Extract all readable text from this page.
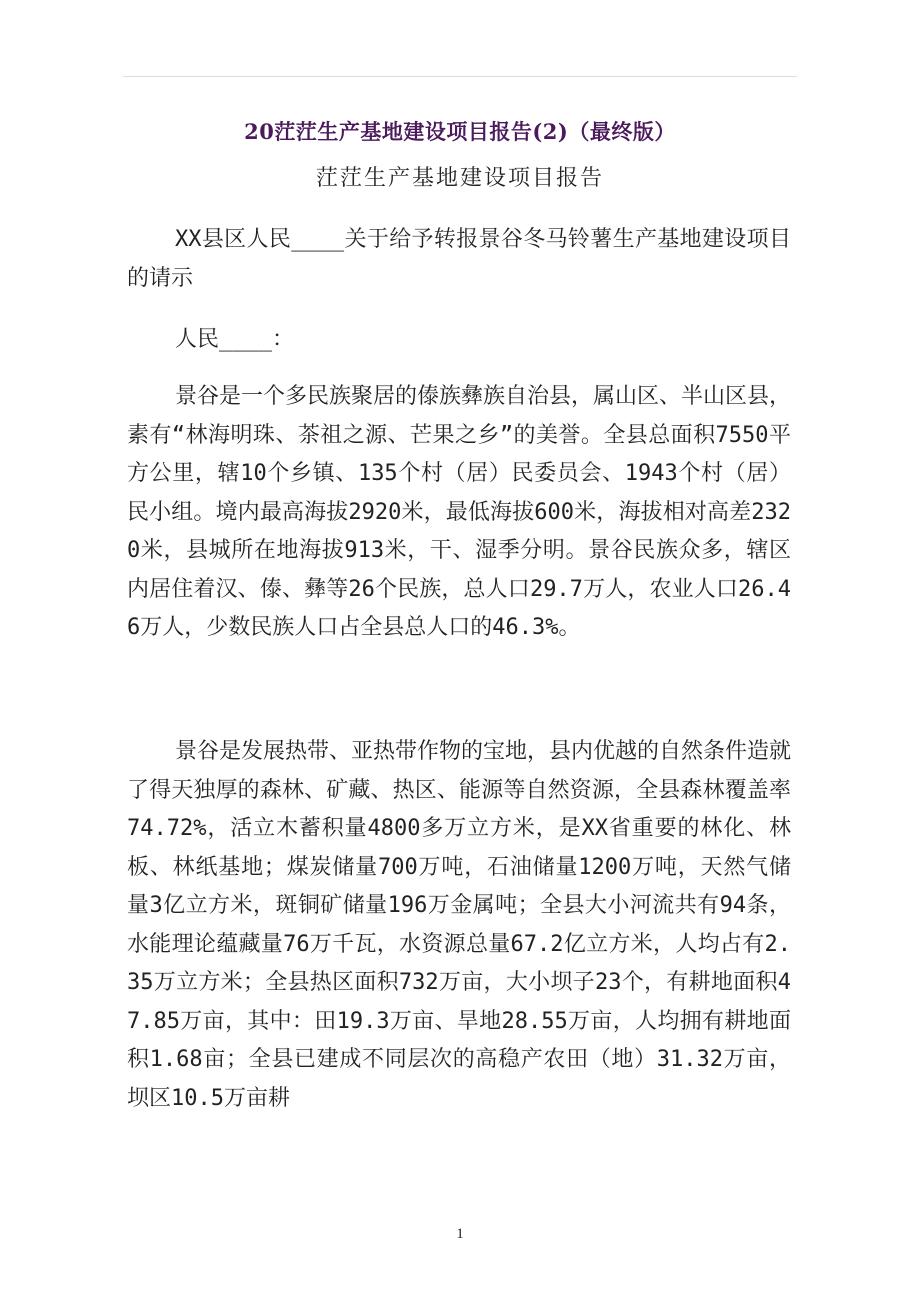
20茳茳生产基地建设项目报告(2)（最终版）
茳茳生产基地建设项目报告

XX县区人民____关于给予转报景谷冬马铃薯生产基地建设项目的请示

人民____：

景谷是一个多民族聚居的傣族彝族自治县，属山区、半山区县，素有“林海明珠、茶祖之源、芒果之乡”的美誉。全县总面积7550平方公里，辖10个乡镇、135个村（居）民委员会、1943个村（居）民小组。境内最高海拔2920米，最低海拔600米，海拔相对高差2320米，县城所在地海拔913米，干、湿季分明。景谷民族众多，辖区内居住着汉、傣、彝等26个民族，总人口29.7万人，农业人口26.46万人，少数民族人口占全县总人口的46.3%。

景谷是发展热带、亚热带作物的宝地，县内优越的自然条件造就了得天独厚的森林、矿藏、热区、能源等自然资源，全县森林覆盖率74.72%，活立木蓄积量4800多万立方米，是XX省重要的林化、林板、林纸基地；煤炭储量700万吨，石油储量1200万吨，天然气储量3亿立方米，斑铜矿储量196万金属吨；全县大小河流共有94条，水能理论蕴藏量76万千瓦，水资源总量67.2亿立方米，人均占有2.35万立方米；全县热区面积732万亩，大小坝子23个，有耕地面积47.85万亩，其中：田19.3万亩、旱地28.55万亩，人均拥有耕地面积1.68亩；全县已建成不同层次的高稳产农田（地）31.32万亩，坝区10.5万亩耕

1
